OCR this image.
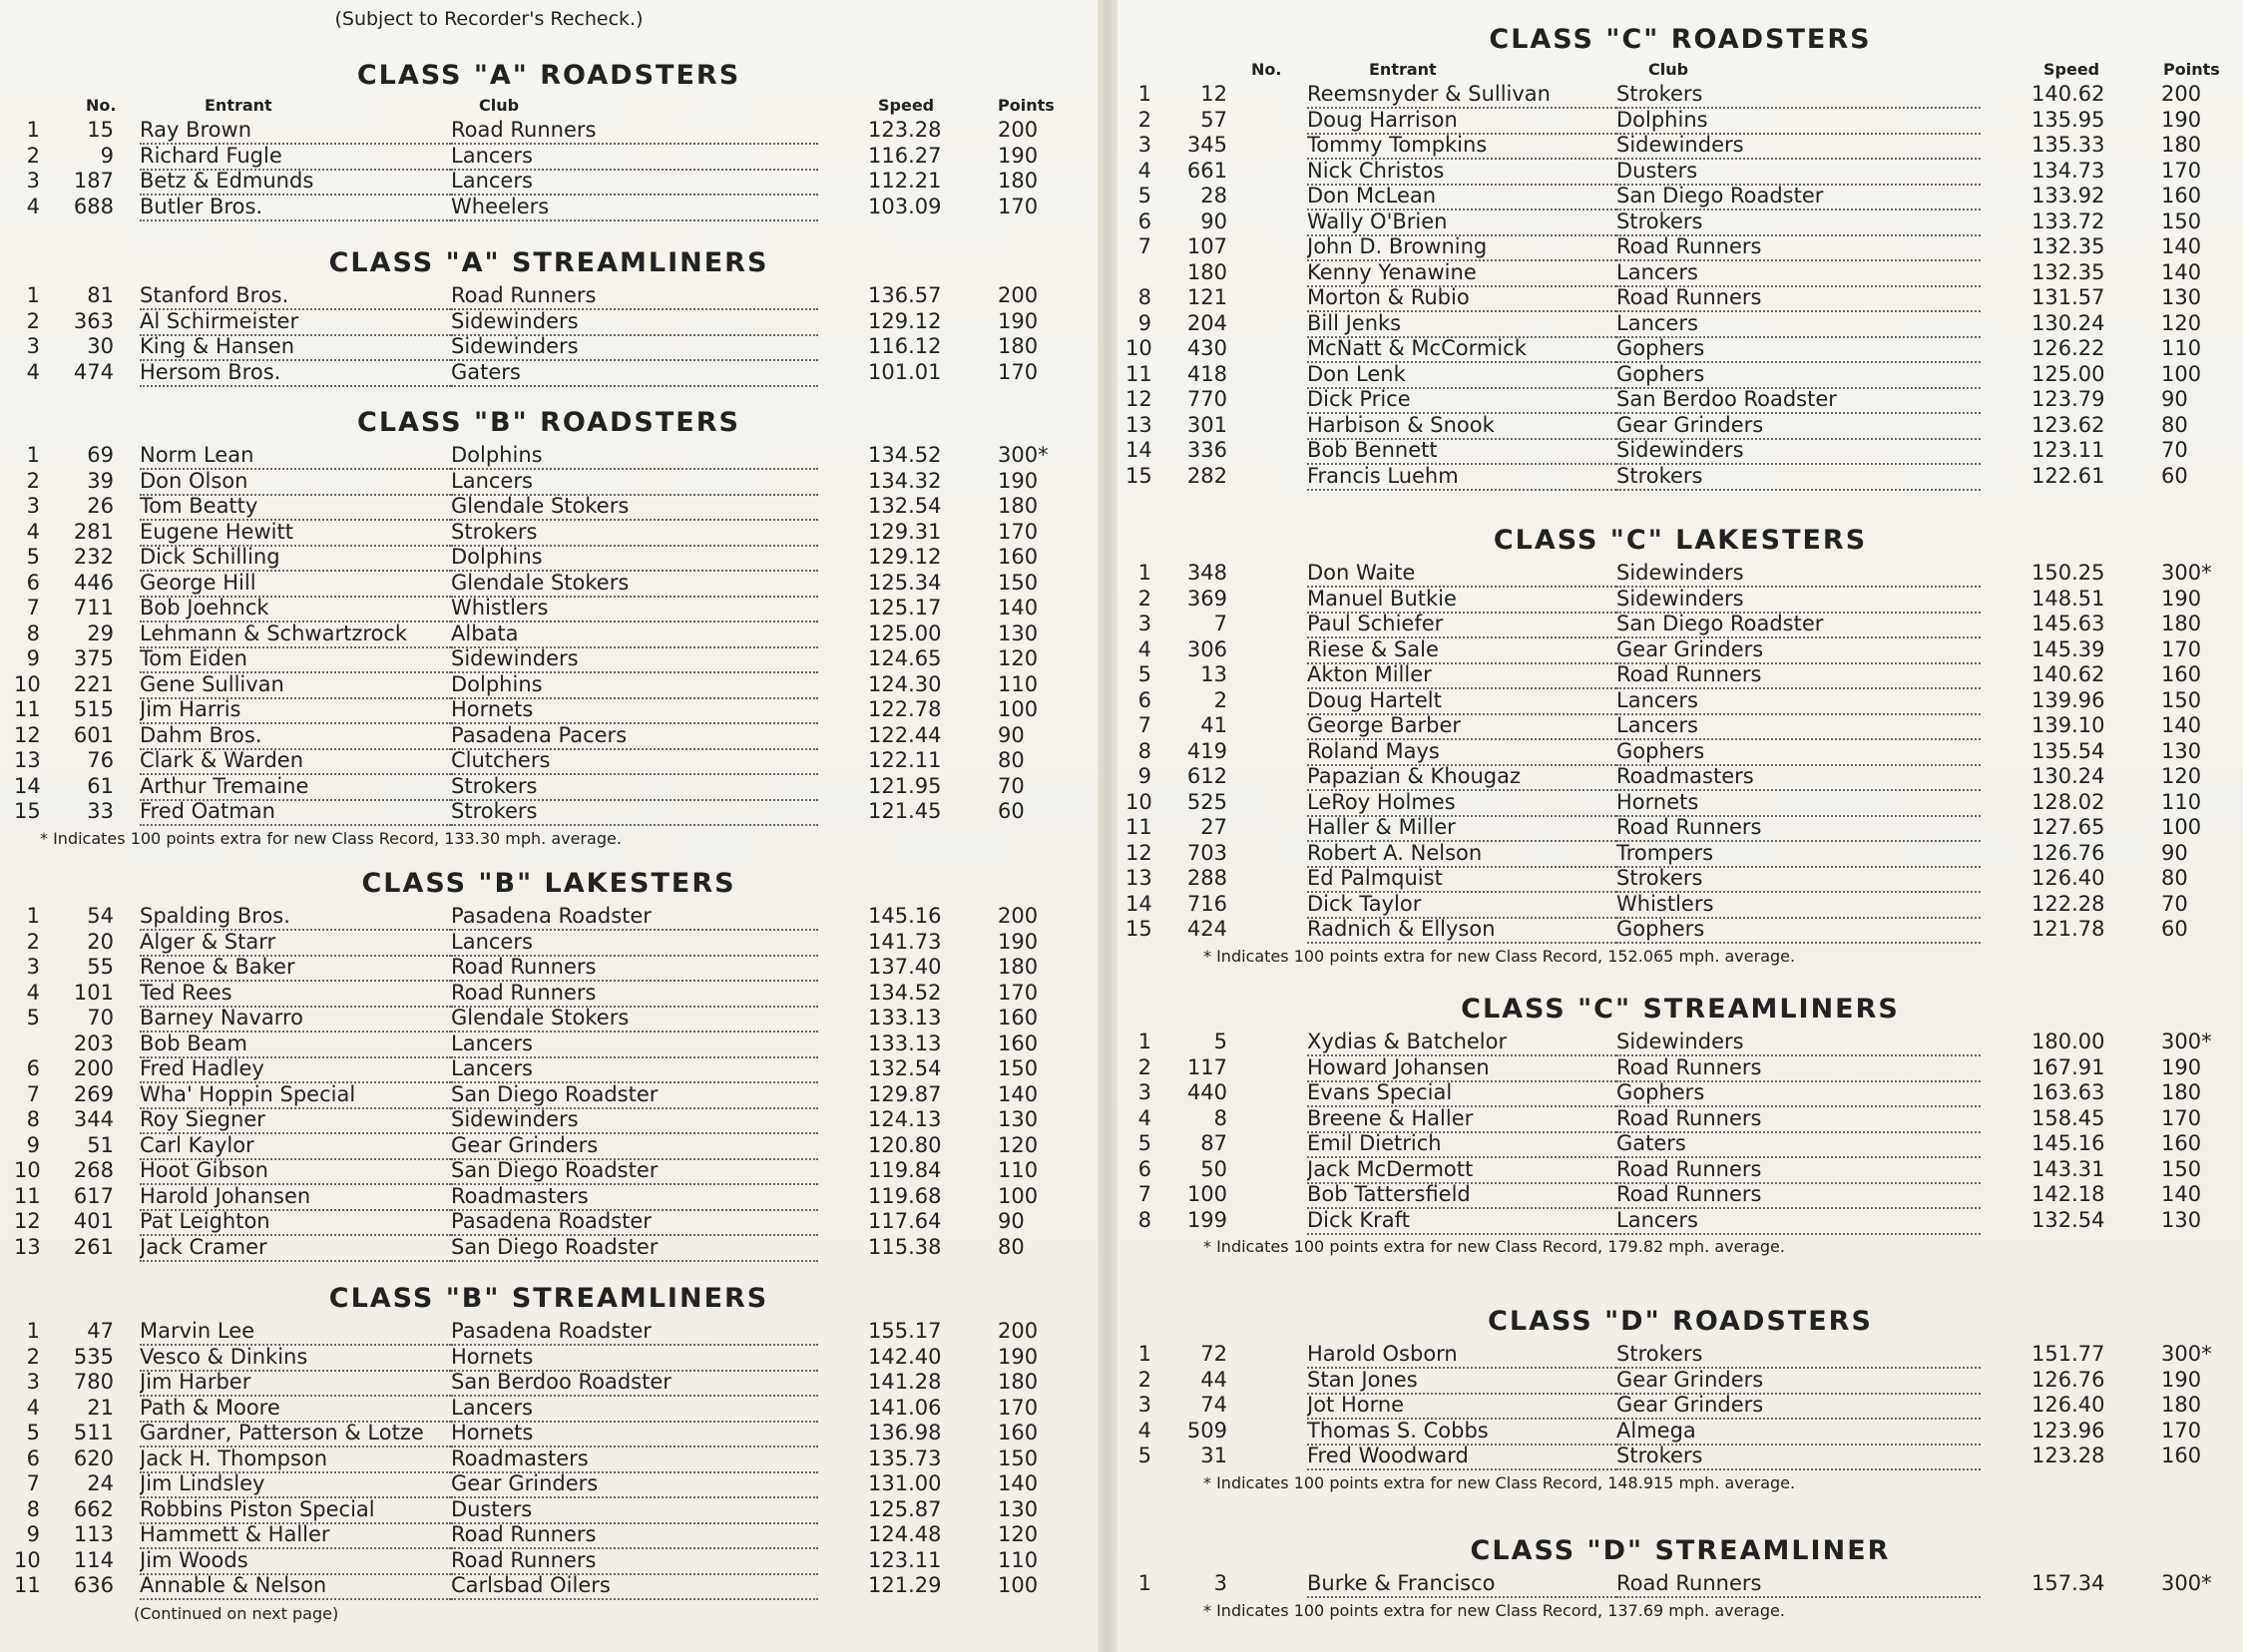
(Subject to Recorder's Recheck.)
CLASS "A" ROADSTERS
No.	Entrant	Club	Speed	Points
1	15 Ray Brown	Road Runners	123.28	200
2	9 Richard Fugle	Lancers	116.27	190
3	187 Betz & Edmunds	Lancers	112.21	180
4	688 Butler Bros.	Wheelers	103.09	170
CLASS "A" STREAMLINERS
1	81 Stanford Bros.	Road Runners	136.57	200
2	363 Al Schirmeister	Sidewinders	129.12	190
3	30 King & Hansen	Sidewinders	116.12	180
4	474 Hersom Bros.	Gaters	101.01	170
CLASS "B" ROADSTERS
1	69 Norm Lean	Dolphins	134.52	300*
2	39 Don Olson	Lancers	134.32	190
3	26 Tom Beatty	Glendale Stokers	132.54	180
4	281 Eugene Hewitt	Strokers	129.31	170
5	232 Dick Schilling	Dolphins	129.12	160
6	446 George Hill	Glendale Stokers	125.34	150
7	711 Bob Joehnck	Whistlers	125.17	140
8	29 Lehmann & Schwartzrock	Albata	125.00	130
9	375 Tom Eiden	Sidewinders	124.65	120
10	221 Gene Sullivan	Dolphins	124.30	110
11	515 Jim Harris	Hornets	122.78	100
12	601 Dahm Bros.	Pasadena Pacers	122.44	90
13	76 Clark & Warden	Clutchers	122.11	80
14	61 Arthur Tremaine	Strokers	121.95	70
15	33 Fred Oatman	Strokers	121.45	60
* Indicates 100 points extra for new Class Record, 133.30 mph. average.
CLASS "B" LAKESTERS
1	54 Spalding Bros.	Pasadena Roadster	145.16	200
2	20 Alger & Starr	Lancers	141.73	190
3	55 Renoe & Baker	Road Runners	137.40	180
4	101 Ted Rees	Road Runners	134.52	170
5	70 Barney Navarro	Glendale Stokers	133.13	160
203 Bob Beam	Lancers	133.13	160
6	200 Fred Hadley	Lancers	132.54	150
7	269 Wha' Hoppin Special	San Diego Roadster	129.87	140
8	344 Roy Siegner	Sidewinders	124.13	130
9	51 Carl Kaylor	Gear Grinders	120.80	120
10	268 Hoot Gibson	San Diego Roadster	119.84	110
11	617 Harold Johansen	Roadmasters	119.68	100
12	401 Pat Leighton	Pasadena Roadster	117.64	90
13	261 Jack Cramer	San Diego Roadster	115.38	80
CLASS "B" STREAMLINERS
1	47 Marvin Lee	Pasadena Roadster	155.17	200
2	535 Vesco & Dinkins	Hornets	142.40	190
3	780 Jim Harber	San Berdoo Roadster	141.28	180
4	21 Path & Moore	Lancers	141.06	170
5	511 Gardner, Patterson & Lotze	Hornets	136.98	160
6	620 Jack H. Thompson	Roadmasters	135.73	150
7	24 Jim Lindsley	Gear Grinders	131.00	140
8	662 Robbins Piston Special	Dusters	125.87	130
9	113 Hammett & Haller	Road Runners	124.48	120
10	114 Jim Woods	Road Runners	123.11	110
11	636 Annable & Nelson	Carlsbad Oilers	121.29	100
(Continued on next page)
CLASS "C" ROADSTERS
No.	Entrant	Club	Speed	Points
1	12	Reemsnyder & Sullivan	Strokers	140.62	200
2	57	Doug Harrison	Dolphins	135.95	190
3	345	Tommy Tompkins	Sidewinders	135.33	180
4	661	Nick Christos	Dusters	134.73	170
5	28	Don McLean	San Diego Roadster	133.92	160
6	90	Wally O'Brien	Strokers	133.72	150
7	107	John D. Browning	Road Runners	132.35	140
180	Kenny Yenawine	Lancers	132.35	140
8	121	Morton & Rubio	Road Runners	131.57	130
9	204	Bill Jenks	Lancers	130.24	120
10	430	McNatt & McCormick	Gophers	126.22	110
11	418	Don Lenk	Gophers	125.00	100
12	770	Dick Price	San Berdoo Roadster	123.79	90
13	301	Harbison & Snook	Gear Grinders	123.62	80
14	336	Bob Bennett	Sidewinders	123.11	70
15	282	Francis Luehm	Strokers	122.61	60
CLASS "C" LAKESTERS
1	348	Don Waite	Sidewinders	150.25	300*
2	369	Manuel Butkie	Sidewinders	148.51	190
3	7	Paul Schiefer	San Diego Roadster	145.63	180
4	306	Riese & Sale	Gear Grinders	145.39	170
5	13	Akton Miller	Road Runners	140.62	160
6	2	Doug Hartelt	Lancers	139.96	150
7	41	George Barber	Lancers	139.10	140
8	419	Roland Mays	Gophers	135.54	130
9	612	Papazian & Khougaz	Roadmasters	130.24	120
10	525	LeRoy Holmes	Hornets	128.02	110
11	27	Haller & Miller	Road Runners	127.65	100
12	703	Robert A. Nelson	Trompers	126.76	90
13	288	Ed Palmquist	Strokers	126.40	80
14	716	Dick Taylor	Whistlers	122.28	70
15	424	Radnich & Ellyson	Gophers	121.78	60
* Indicates 100 points extra for new Class Record, 152.065 mph. average.
CLASS "C" STREAMLINERS
1	5	Xydias & Batchelor	Sidewinders	180.00	300*
2	117	Howard Johansen	Road Runners	167.91	190
3	440	Evans Special	Gophers	163.63	180
4	8	Breene & Haller	Road Runners	158.45	170
5	87	Emil Dietrich	Gaters	145.16	160
6	50	Jack McDermott	Road Runners	143.31	150
7	100	Bob Tattersfield	Road Runners	142.18	140
8	199	Dick Kraft	Lancers	132.54	130
* Indicates 100 points extra for new Class Record, 179.82 mph. average.
CLASS "D" ROADSTERS
1	72	Harold Osborn	Strokers	151.77	300*
2	44	Stan Jones	Gear Grinders	126.76	190
3	74	Jot Horne	Gear Grinders	126.40	180
4	509	Thomas S. Cobbs	Almega	123.96	170
5	31	Fred Woodward	Strokers	123.28	160
* Indicates 100 points extra for new Class Record, 148.915 mph. average.
CLASS "D" STREAMLINER
1	3	Burke & Francisco	Road Runners	157.34	300*
* Indicates 100 points extra for new Class Record, 137.69 mph. average.
